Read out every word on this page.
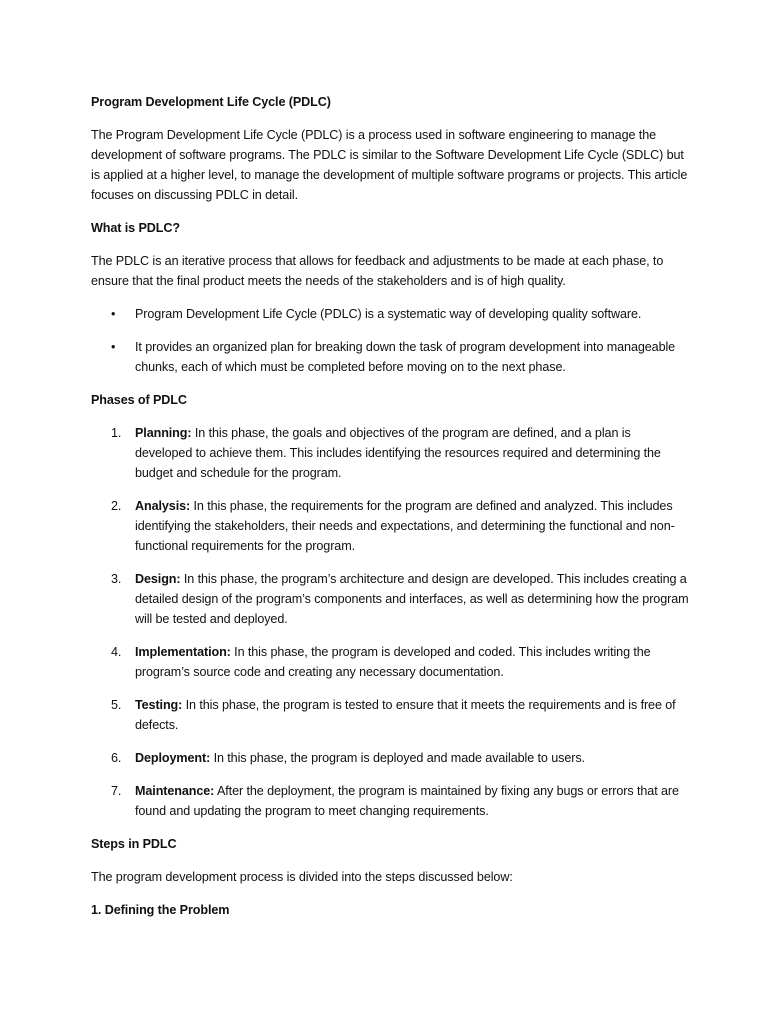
Program Development Life Cycle (PDLC)
The Program Development Life Cycle (PDLC) is a process used in software engineering to manage the development of software programs. The PDLC is similar to the Software Development Life Cycle (SDLC) but is applied at a higher level, to manage the development of multiple software programs or projects. This article focuses on discussing PDLC in detail.
What is PDLC?
The PDLC is an iterative process that allows for feedback and adjustments to be made at each phase, to ensure that the final product meets the needs of the stakeholders and is of high quality.
• Program Development Life Cycle (PDLC) is a systematic way of developing quality software.
• It provides an organized plan for breaking down the task of program development into manageable chunks, each of which must be completed before moving on to the next phase.
Phases of PDLC
1. Planning: In this phase, the goals and objectives of the program are defined, and a plan is developed to achieve them. This includes identifying the resources required and determining the budget and schedule for the program.
2. Analysis: In this phase, the requirements for the program are defined and analyzed. This includes identifying the stakeholders, their needs and expectations, and determining the functional and non-functional requirements for the program.
3. Design: In this phase, the program’s architecture and design are developed. This includes creating a detailed design of the program’s components and interfaces, as well as determining how the program will be tested and deployed.
4. Implementation: In this phase, the program is developed and coded. This includes writing the program’s source code and creating any necessary documentation.
5. Testing: In this phase, the program is tested to ensure that it meets the requirements and is free of defects.
6. Deployment: In this phase, the program is deployed and made available to users.
7. Maintenance: After the deployment, the program is maintained by fixing any bugs or errors that are found and updating the program to meet changing requirements.
Steps in PDLC
The program development process is divided into the steps discussed below:
1. Defining the Problem
